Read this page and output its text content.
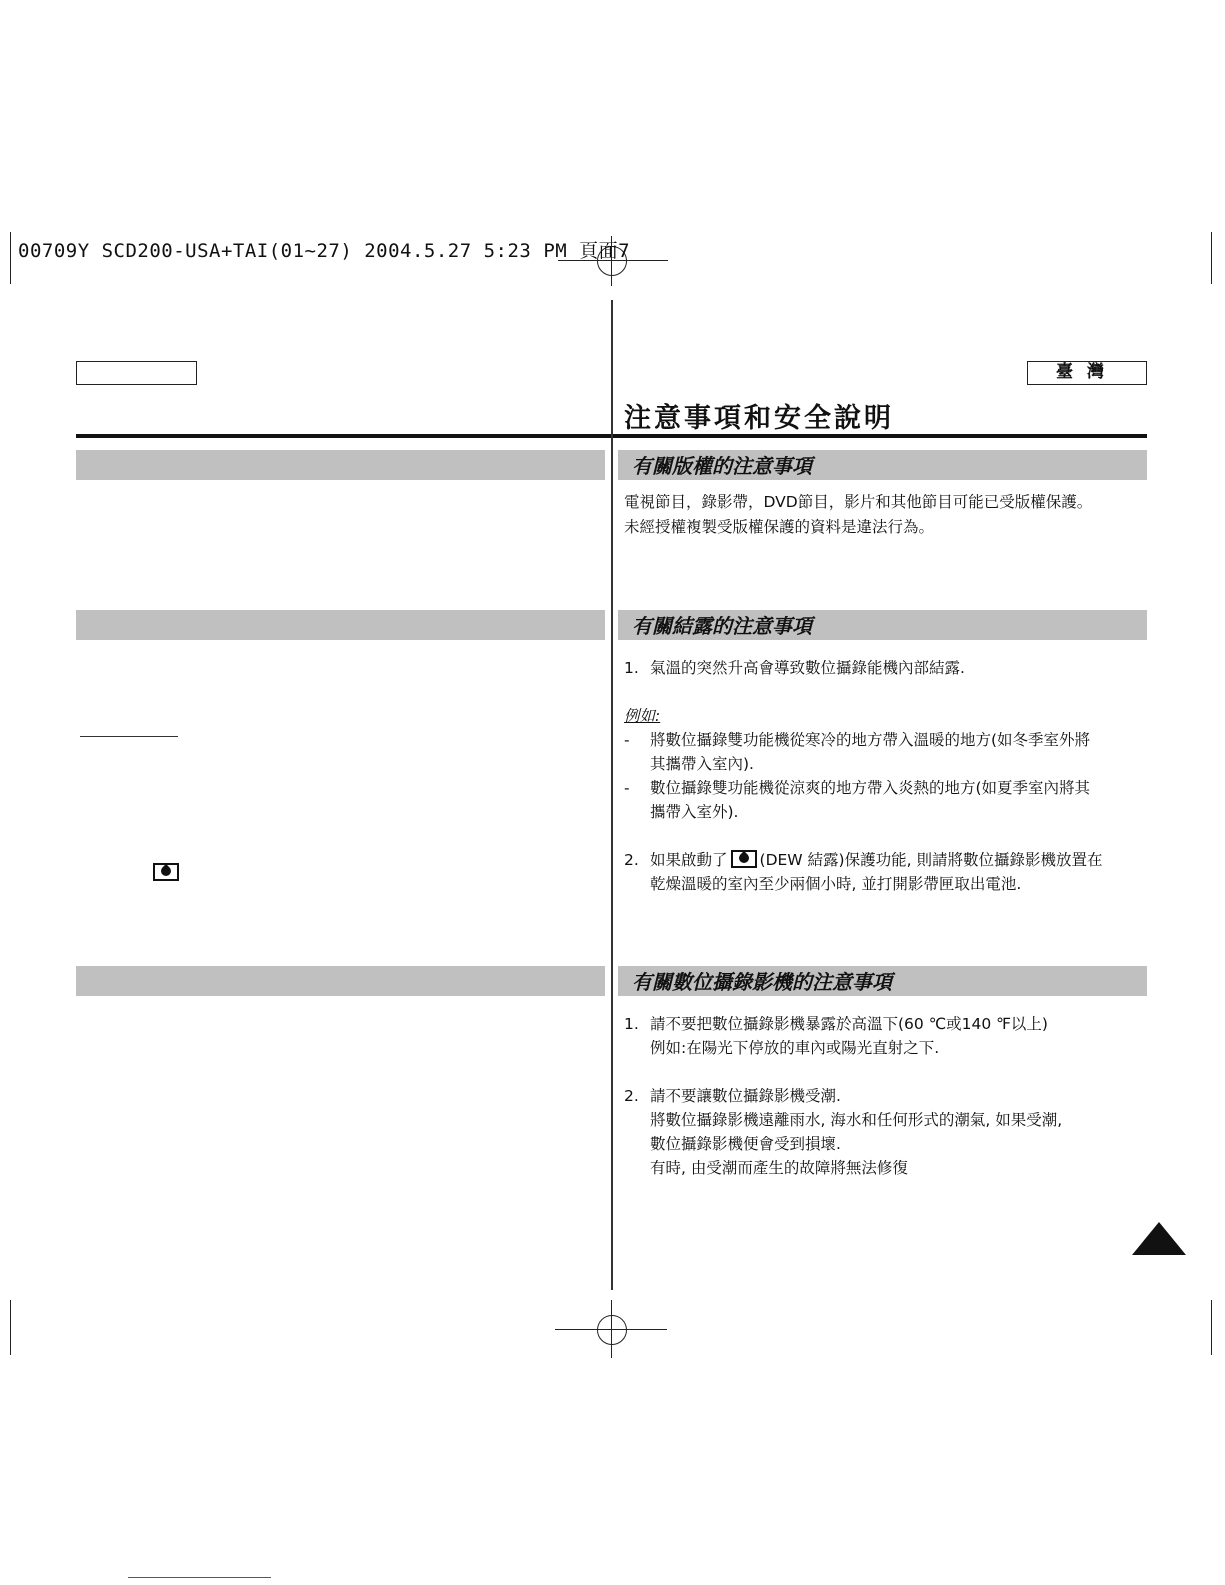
00709Y SCD200-USA+TAI(01~27) 2004.5.27 5:23 PM 頁面7
臺灣
注意事項和安全說明
有關版權的注意事項
電視節目，錄影帶，DVD節目，影片和其他節目可能已受版權保護。
未經授權複製受版權保護的資料是違法行為。
有關結露的注意事項
1. 氣溫的突然升高會導致數位攝錄能機內部結露.
例如:
- 將數位攝錄雙功能機從寒冷的地方帶入溫暖的地方(如冬季室外將
其攜帶入室內).
- 數位攝錄雙功能機從涼爽的地方帶入炎熱的地方(如夏季室內將其
攜帶入室外).
2. 如果啟動了 (DEW 結露)保護功能, 則請將數位攝錄影機放置在
乾燥溫暖的室內至少兩個小時, 並打開影帶匣取出電池.
有關數位攝錄影機的注意事項
1. 請不要把數位攝錄影機暴露於高溫下(60 ℃或140 ℉以上)
例如:在陽光下停放的車內或陽光直射之下.
2. 請不要讓數位攝錄影機受潮.
將數位攝錄影機遠離雨水, 海水和任何形式的潮氣, 如果受潮,
數位攝錄影機便會受到損壞.
有時, 由受潮而產生的故障將無法修復
